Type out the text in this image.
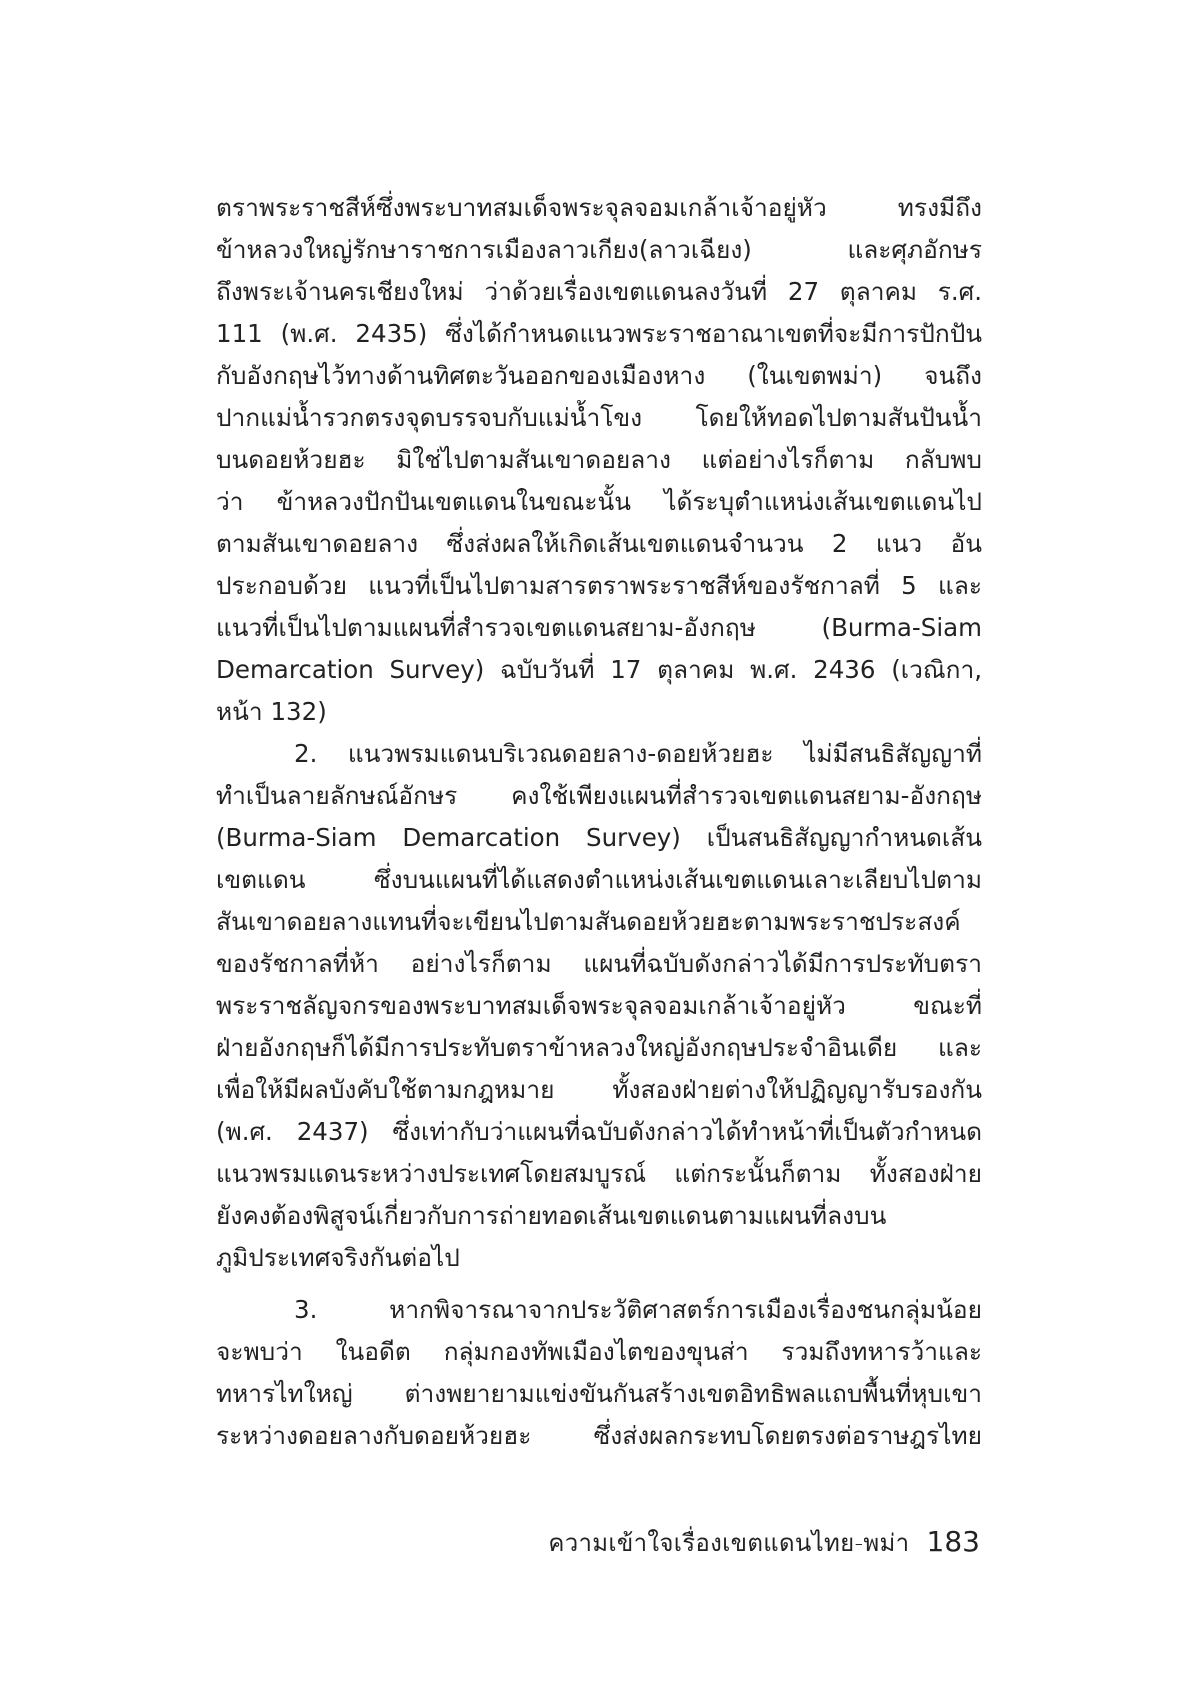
ตราพระราชสีห์ซึ่งพระบาทสมเด็จพระจุลจอมเกล้าเจ้าอยู่หัว ทรงมีถึง
ข้าหลวงใหญ่รักษาราชการเมืองลาวเกียง(ลาวเฉียง) และศุภอักษร
ถึงพระเจ้านครเชียงใหม่ ว่าด้วยเรื่องเขตแดนลงวันที่ 27 ตุลาคม ร.ศ.
111 (พ.ศ. 2435) ซึ่งได้กำหนดแนวพระราชอาณาเขตที่จะมีการปักปัน
กับอังกฤษไว้ทางด้านทิศตะวันออกของเมืองหาง (ในเขตพม่า) จนถึง
ปากแม่น้ำรวกตรงจุดบรรจบกับแม่น้ำโขง โดยให้ทอดไปตามสันปันน้ำ
บนดอยห้วยฮะ มิใช่ไปตามสันเขาดอยลาง แต่อย่างไรก็ตาม กลับพบ
ว่า ข้าหลวงปักปันเขตแดนในขณะนั้น ได้ระบุตำแหน่งเส้นเขตแดนไป
ตามสันเขาดอยลาง ซึ่งส่งผลให้เกิดเส้นเขตแดนจำนวน 2 แนว อัน
ประกอบด้วย แนวที่เป็นไปตามสารตราพระราชสีห์ของรัชกาลที่ 5 และ
แนวที่เป็นไปตามแผนที่สำรวจเขตแดนสยาม-อังกฤษ (Burma-Siam
Demarcation Survey) ฉบับวันที่ 17 ตุลาคม พ.ศ. 2436 (เวณิกา,
หน้า 132)
2. แนวพรมแดนบริเวณดอยลาง-ดอยห้วยฮะ ไม่มีสนธิสัญญาที่
ทำเป็นลายลักษณ์อักษร คงใช้เพียงแผนที่สำรวจเขตแดนสยาม-อังกฤษ
(Burma-Siam Demarcation Survey) เป็นสนธิสัญญากำหนดเส้น
เขตแดน ซึ่งบนแผนที่ได้แสดงตำแหน่งเส้นเขตแดนเลาะเลียบไปตาม
สันเขาดอยลางแทนที่จะเขียนไปตามสันดอยห้วยฮะตามพระราชประสงค์
ของรัชกาลที่ห้า อย่างไรก็ตาม แผนที่ฉบับดังกล่าวได้มีการประทับตรา
พระราชลัญจกรของพระบาทสมเด็จพระจุลจอมเกล้าเจ้าอยู่หัว ขณะที่
ฝ่ายอังกฤษก็ได้มีการประทับตราข้าหลวงใหญ่อังกฤษประจำอินเดีย และ
เพื่อให้มีผลบังคับใช้ตามกฎหมาย ทั้งสองฝ่ายต่างให้ปฏิญญารับรองกัน
(พ.ศ. 2437) ซึ่งเท่ากับว่าแผนที่ฉบับดังกล่าวได้ทำหน้าที่เป็นตัวกำหนด
แนวพรมแดนระหว่างประเทศโดยสมบูรณ์ แต่กระนั้นก็ตาม ทั้งสองฝ่าย
ยังคงต้องพิสูจน์เกี่ยวกับการถ่ายทอดเส้นเขตแดนตามแผนที่ลงบน
ภูมิประเทศจริงกันต่อไป
3. หากพิจารณาจากประวัติศาสตร์การเมืองเรื่องชนกลุ่มน้อย
จะพบว่า ในอดีต กลุ่มกองทัพเมืองไตของขุนส่า รวมถึงทหารว้าและ
ทหารไทใหญ่ ต่างพยายามแข่งขันกันสร้างเขตอิทธิพลแถบพื้นที่หุบเขา
ระหว่างดอยลางกับดอยห้วยฮะ ซึ่งส่งผลกระทบโดยตรงต่อราษฎรไทย
ความเข้าใจเรื่องเขตแดนไทย-พม่า 183
